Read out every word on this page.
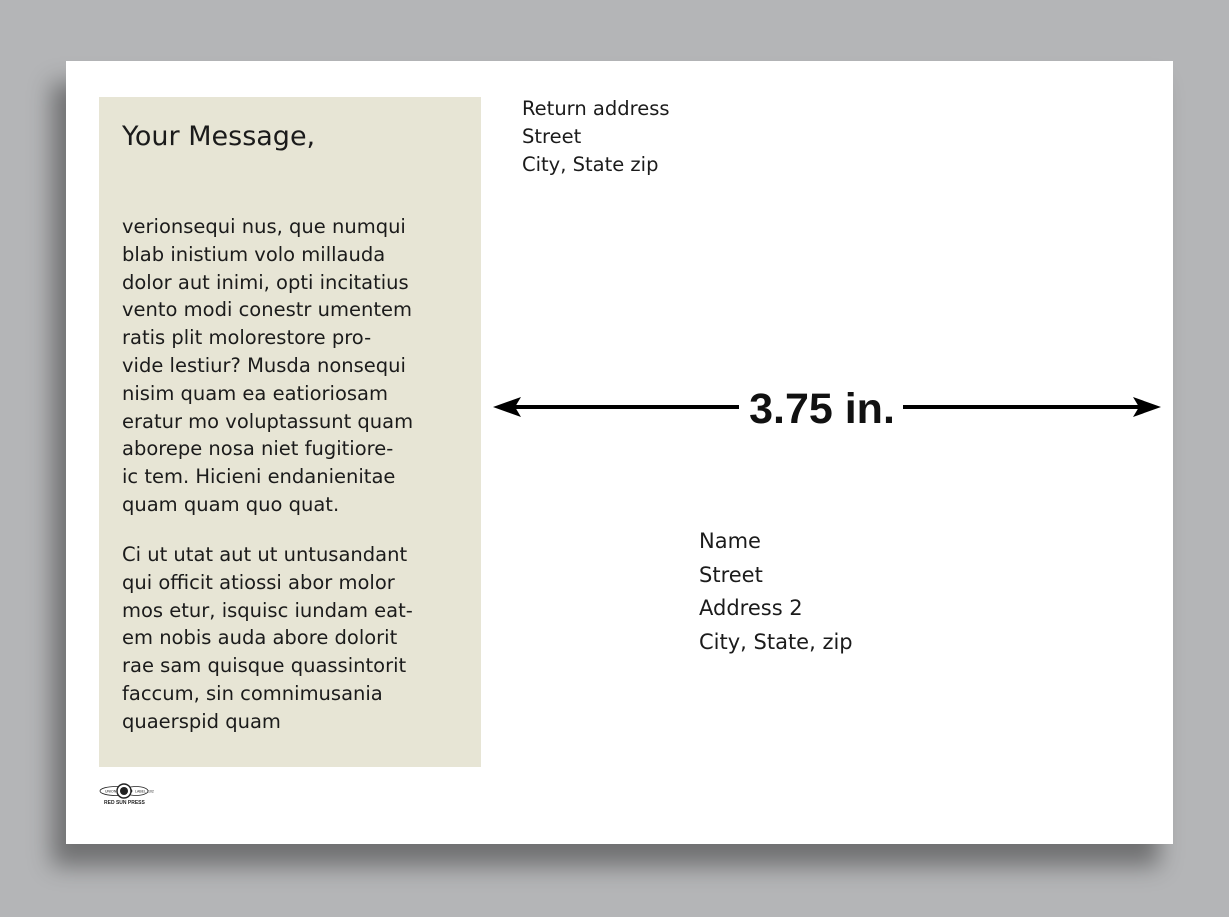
Your Message,

verionsequi nus, que numqui
blab inistium volo millauda
dolor aut inimi, opti incitatius
vento modi conestr umentem
ratis plit molorestore pro-
vide lestiur? Musda nonsequi
nisim quam ea eatioriosam
eratur mo voluptassunt quam
aborepe nosa niet fugitiore-
ic tem. Hicieni endanienitae
quam quam quo quat.

Ci ut utat aut ut untusandant
qui officit atiossi abor molor
mos etur, isquisc iundam eat-
em nobis auda abore dolorit
rae sam quisque quassintorit
faccum, sin comnimusania
quaerspid quam

Return address
Street
City, State zip
3.75 in.
Name
Street
Address 2
City, State, zip
UNION	LABEL 102
RED SUN PRESS
